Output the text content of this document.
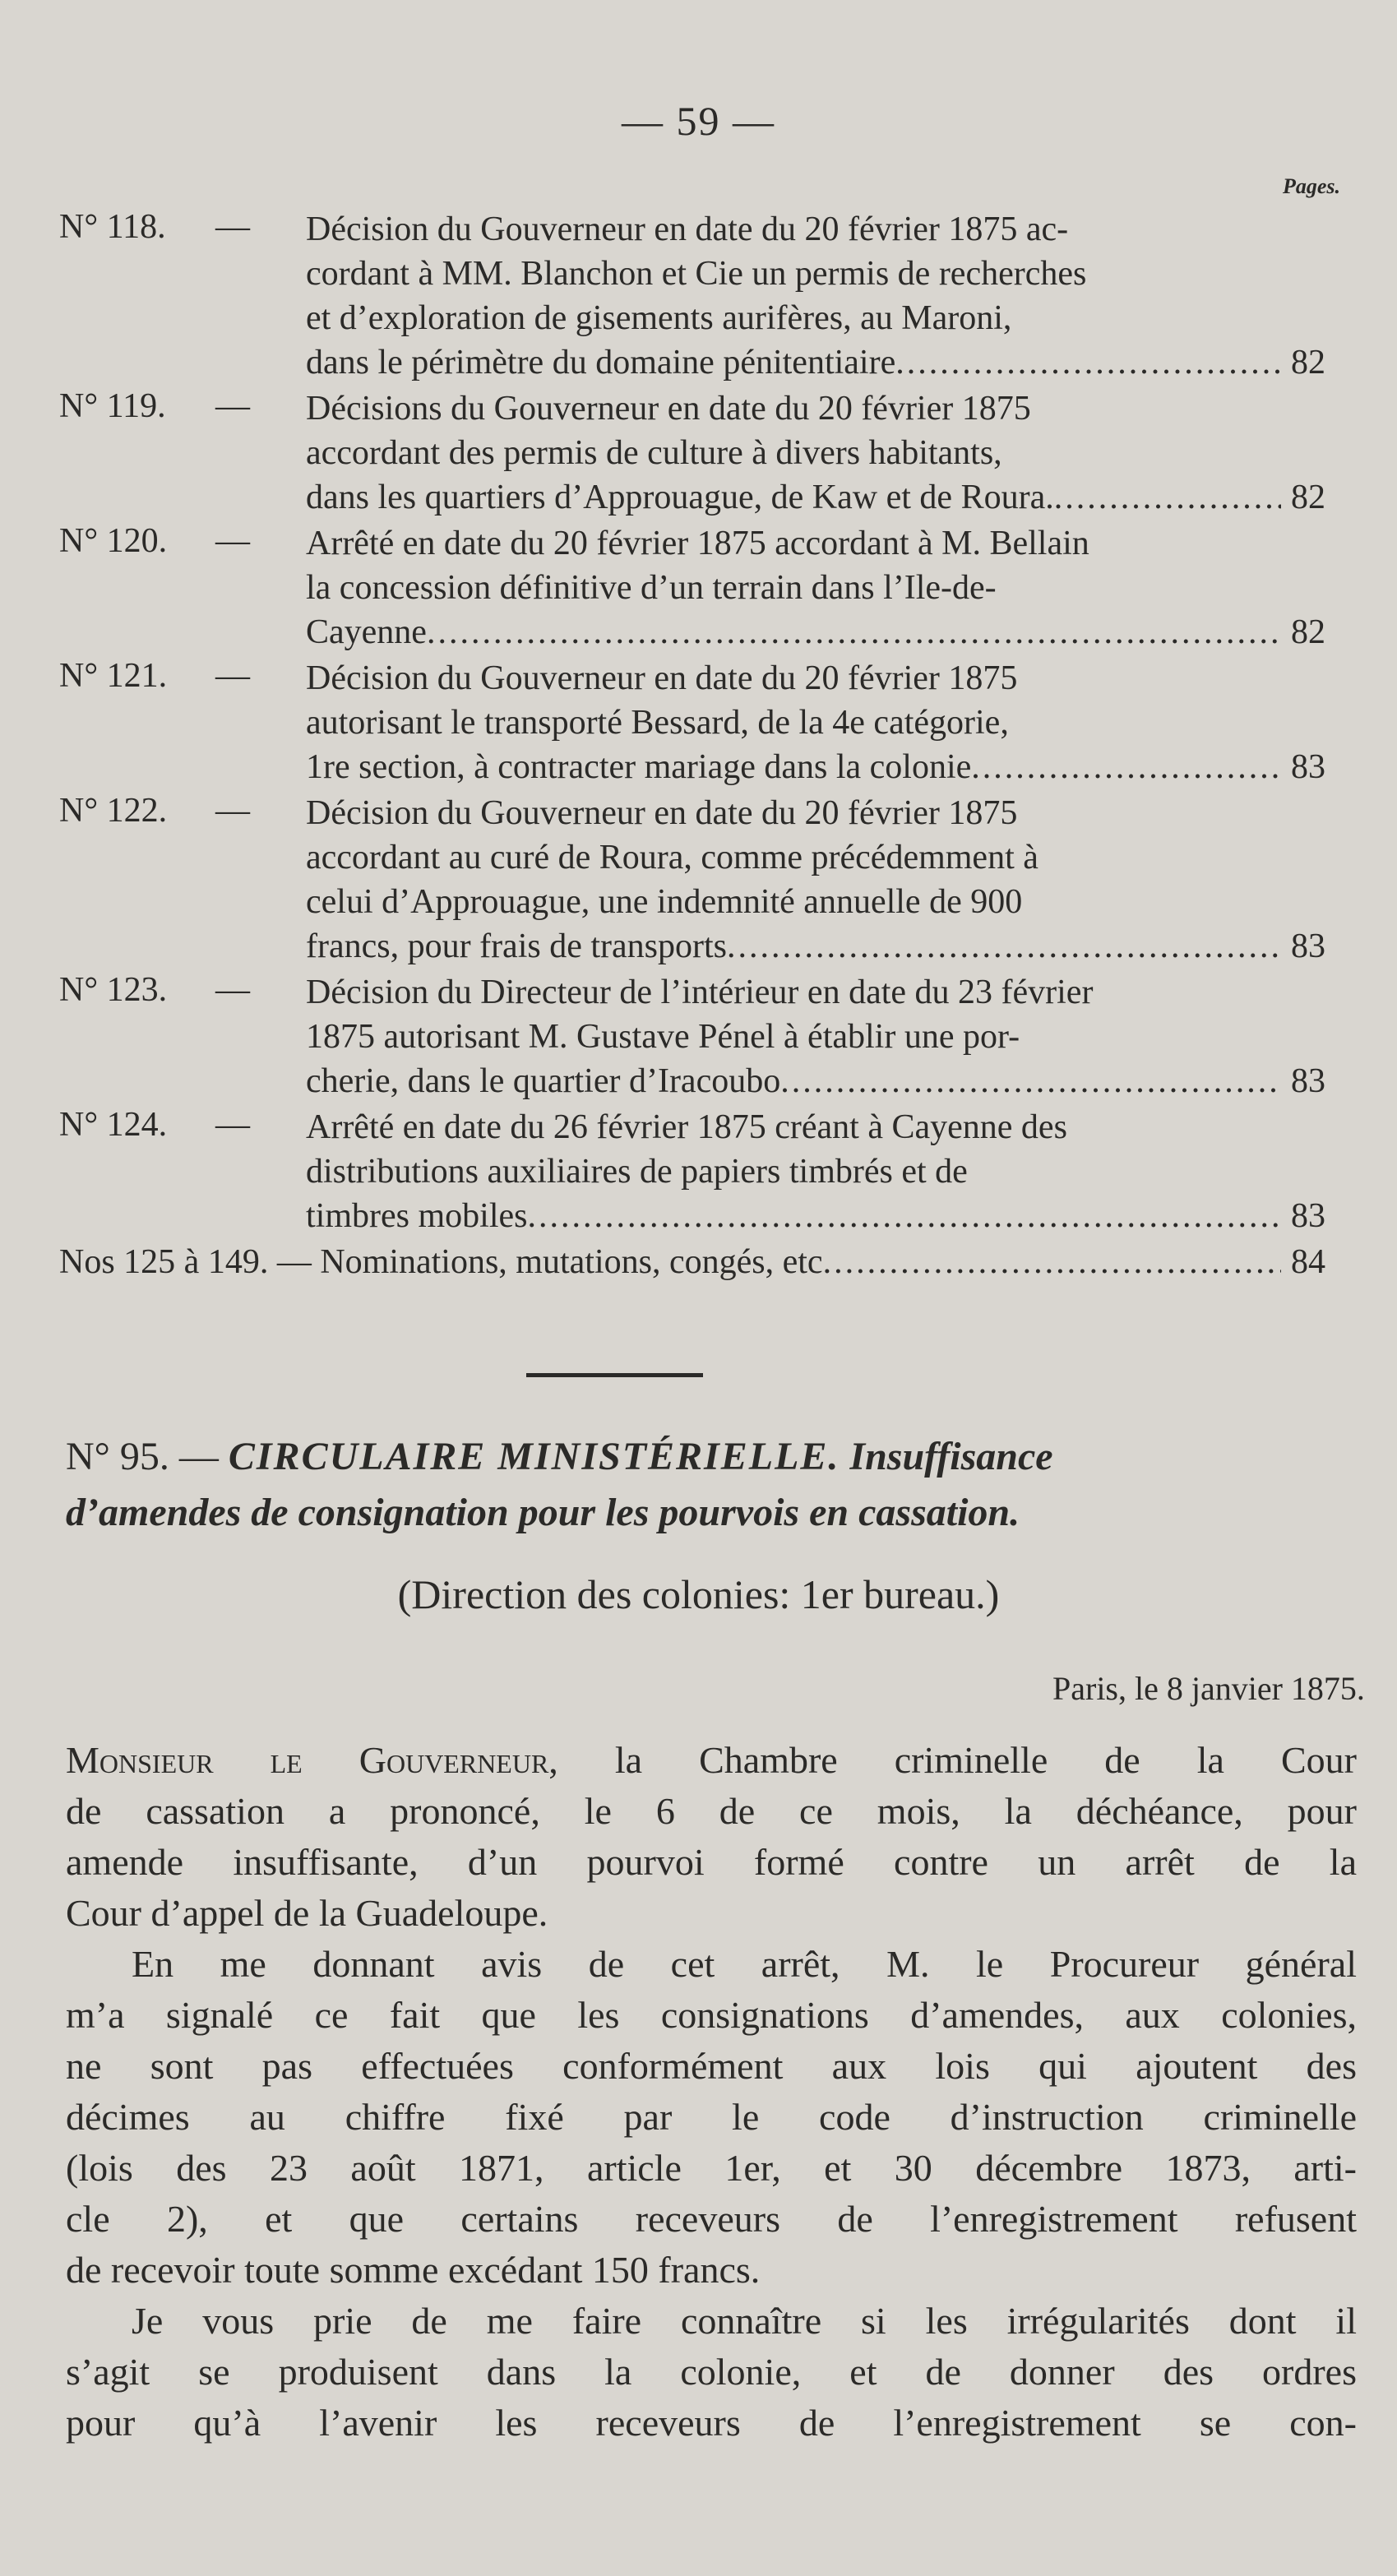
— 59 —
Pages.
N° 118. — Décision du Gouverneur en date du 20 février 1875 ac-
cordant à MM. Blanchon et Cie un permis de recherches
et d’exploration de gisements aurifères, au Maroni,
dans le périmètre du domaine pénitentiaire .....	82
N° 119. — Décisions du Gouverneur en date du 20 février 1875
accordant des permis de culture à divers habitants,
dans les quartiers d’Approuague, de Kaw et de Roura. .....	82
N° 120. — Arrêté en date du 20 février 1875 accordant à M. Bellain
la concession définitive d’un terrain dans l’Ile-de-
Cayenne .....	82
N° 121. — Décision du Gouverneur en date du 20 février 1875
autorisant le transporté Bessard, de la 4e catégorie,
1re section, à contracter mariage dans la colonie .....	83
N° 122. — Décision du Gouverneur en date du 20 février 1875
accordant au curé de Roura, comme précédemment à
celui d’Approuague, une indemnité annuelle de 900
francs, pour frais de transports .....	83
N° 123. — Décision du Directeur de l’intérieur en date du 23 février
1875 autorisant M. Gustave Pénel à établir une por-
cherie, dans le quartier d’Iracoubo .....	83
N° 124. — Arrêté en date du 26 février 1875 créant à Cayenne des
distributions auxiliaires de papiers timbrés et de
timbres mobiles .....	83
Nos 125 à 149. — Nominations, mutations, congés, etc .....	84
N° 95. — CIRCULAIRE MINISTÉRIELLE. Insuffisance
d’amendes de consignation pour les pourvois en cassation.
(Direction des colonies: 1er bureau.)
Paris, le 8 janvier 1875.

Monsieur le Gouverneur, la Chambre criminelle de la Cour
de cassation a prononcé, le 6 de ce mois, la déchéance, pour
amende insuffisante, d’un pourvoi formé contre un arrêt de la
Cour d’appel de la Guadeloupe.

En me donnant avis de cet arrêt, M. le Procureur général
m’a signalé ce fait que les consignations d’amendes, aux colonies,
ne sont pas effectuées conformément aux lois qui ajoutent des
décimes au chiffre fixé par le code d’instruction criminelle
(lois des 23 août 1871, article 1er, et 30 décembre 1873, arti-
cle 2), et que certains receveurs de l’enregistrement refusent
de recevoir toute somme excédant 150 francs.

Je vous prie de me faire connaître si les irrégularités dont il
s’agit se produisent dans la colonie, et de donner des ordres
pour qu’à l’avenir les receveurs de l’enregistrement se con-
